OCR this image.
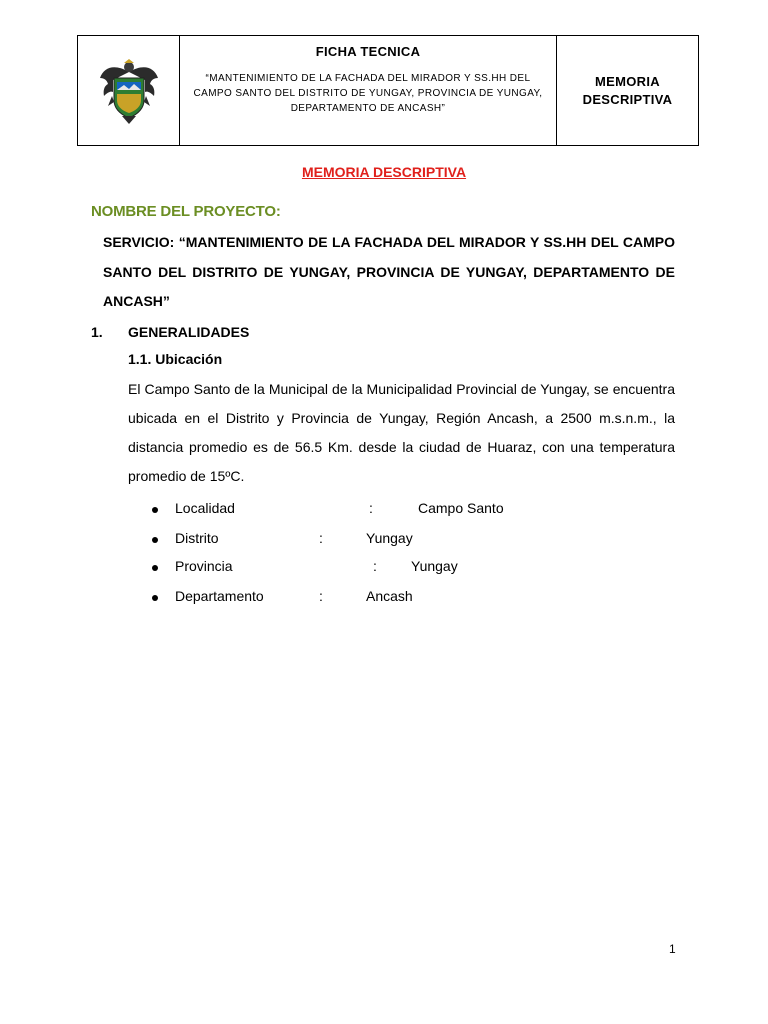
FICHA TECNICA
“MANTENIMIENTO DE LA FACHADA DEL MIRADOR Y SS.HH DEL CAMPO SANTO DEL DISTRITO DE YUNGAY, PROVINCIA DE YUNGAY, DEPARTAMENTO DE ANCASH”
MEMORIA
DESCRIPTIVA
MEMORIA DESCRIPTIVA
NOMBRE DEL PROYECTO:
SERVICIO: “MANTENIMIENTO DE LA FACHADA DEL MIRADOR Y SS.HH DEL CAMPO SANTO DEL DISTRITO DE YUNGAY, PROVINCIA DE YUNGAY, DEPARTAMENTO DE ANCASH”
1. GENERALIDADES
1.1. Ubicación
El Campo Santo de la Municipal de la Municipalidad Provincial de Yungay, se encuentra ubicada en el Distrito y Provincia de Yungay, Región Ancash, a 2500 m.s.n.m., la distancia promedio es de 56.5 Km. desde la ciudad de Huaraz, con una temperatura promedio de 15ºC.
Localidad	:	Campo Santo
Distrito	:	Yungay
Provincia	: Yungay
Departamento	:	Ancash
1
